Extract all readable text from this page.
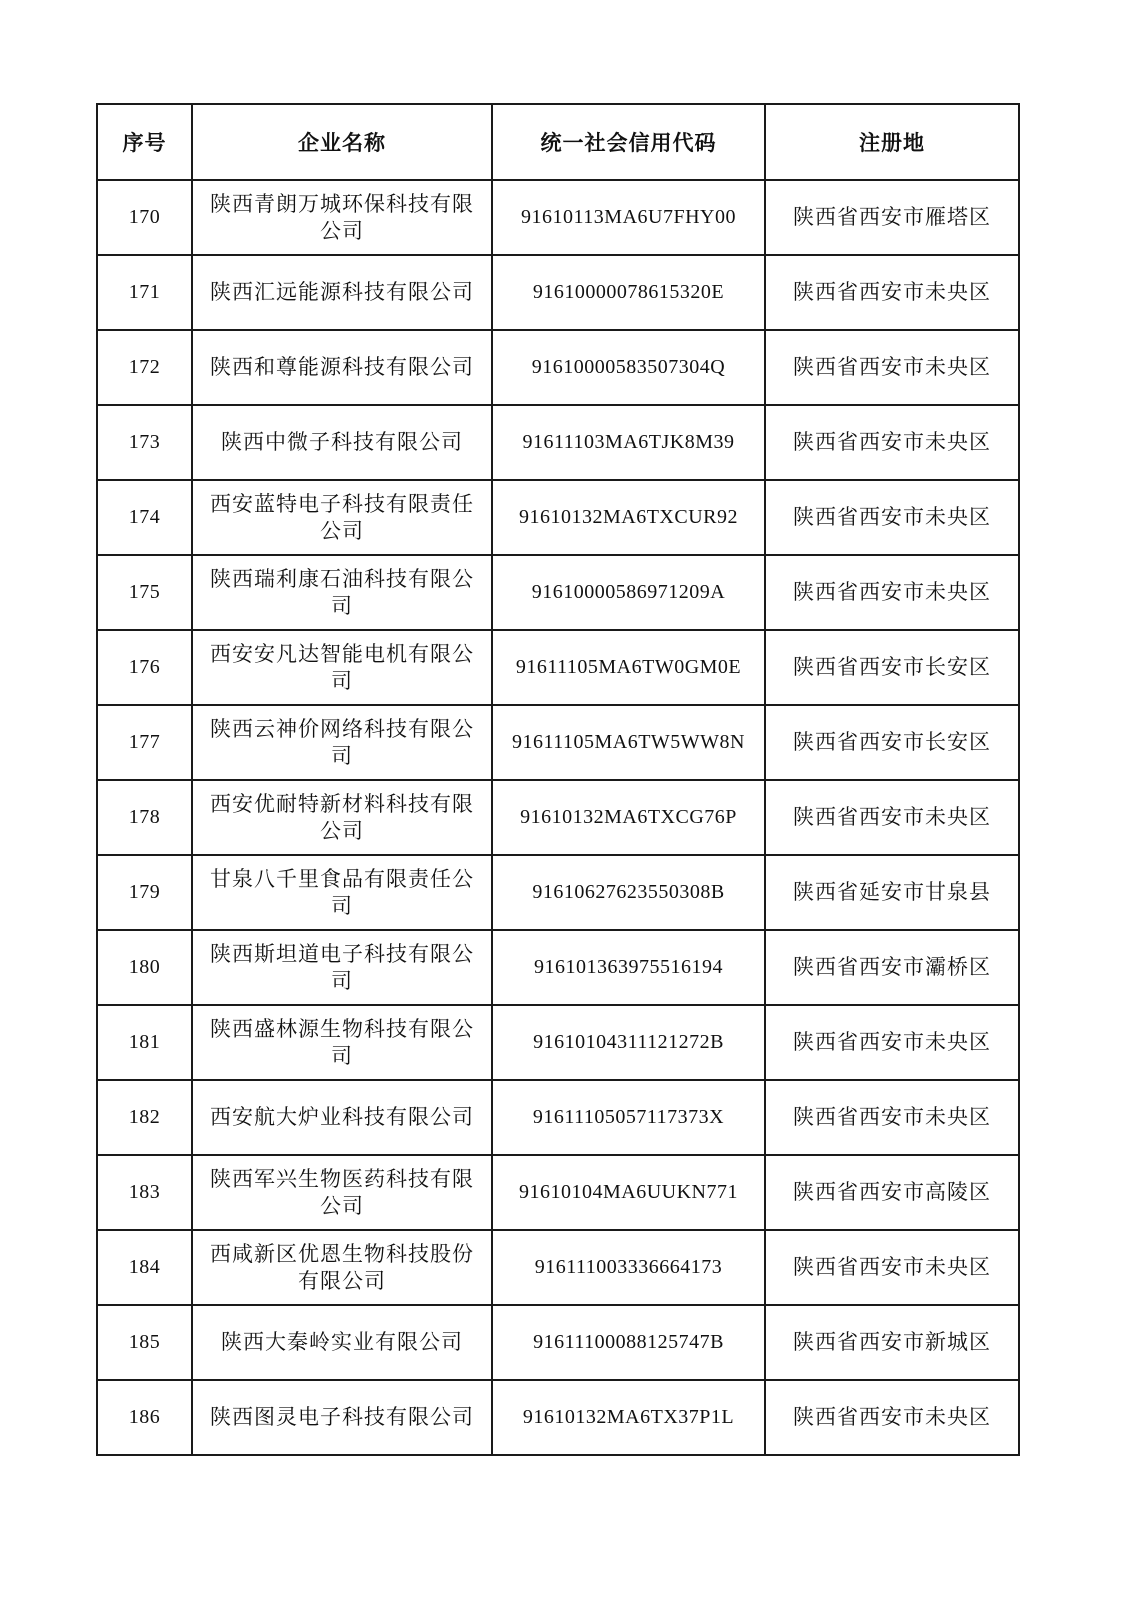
序号	企业名称	统一社会信用代码	注册地
170	陕西青朗万城环保科技有限公司	91610113MA6U7FHY00	陕西省西安市雁塔区
171	陕西汇远能源科技有限公司	91610000078615320E	陕西省西安市未央区
172	陕西和尊能源科技有限公司	91610000583507304Q	陕西省西安市未央区
173	陕西中微子科技有限公司	91611103MA6TJK8M39	陕西省西安市未央区
174	西安蓝特电子科技有限责任公司	91610132MA6TXCUR92	陕西省西安市未央区
175	陕西瑞利康石油科技有限公司	91610000586971209A	陕西省西安市未央区
176	西安安凡达智能电机有限公司	91611105MA6TW0GM0E	陕西省西安市长安区
177	陕西云神价网络科技有限公司	91611105MA6TW5WW8N	陕西省西安市长安区
178	西安优耐特新材料科技有限公司	91610132MA6TXCG76P	陕西省西安市未央区
179	甘泉八千里食品有限责任公司	91610627623550308B	陕西省延安市甘泉县
180	陕西斯坦道电子科技有限公司	916101363975516194	陕西省西安市灞桥区
181	陕西盛林源生物科技有限公司	91610104311121272B	陕西省西安市未央区
182	西安航大炉业科技有限公司	91611105057117373X	陕西省西安市未央区
183	陕西军兴生物医药科技有限公司	91610104MA6UUKN771	陕西省西安市高陵区
184	西咸新区优恩生物科技股份有限公司	916111003336664173	陕西省西安市未央区
185	陕西大秦岭实业有限公司	91611100088125747B	陕西省西安市新城区
186	陕西图灵电子科技有限公司	91610132MA6TX37P1L	陕西省西安市未央区
